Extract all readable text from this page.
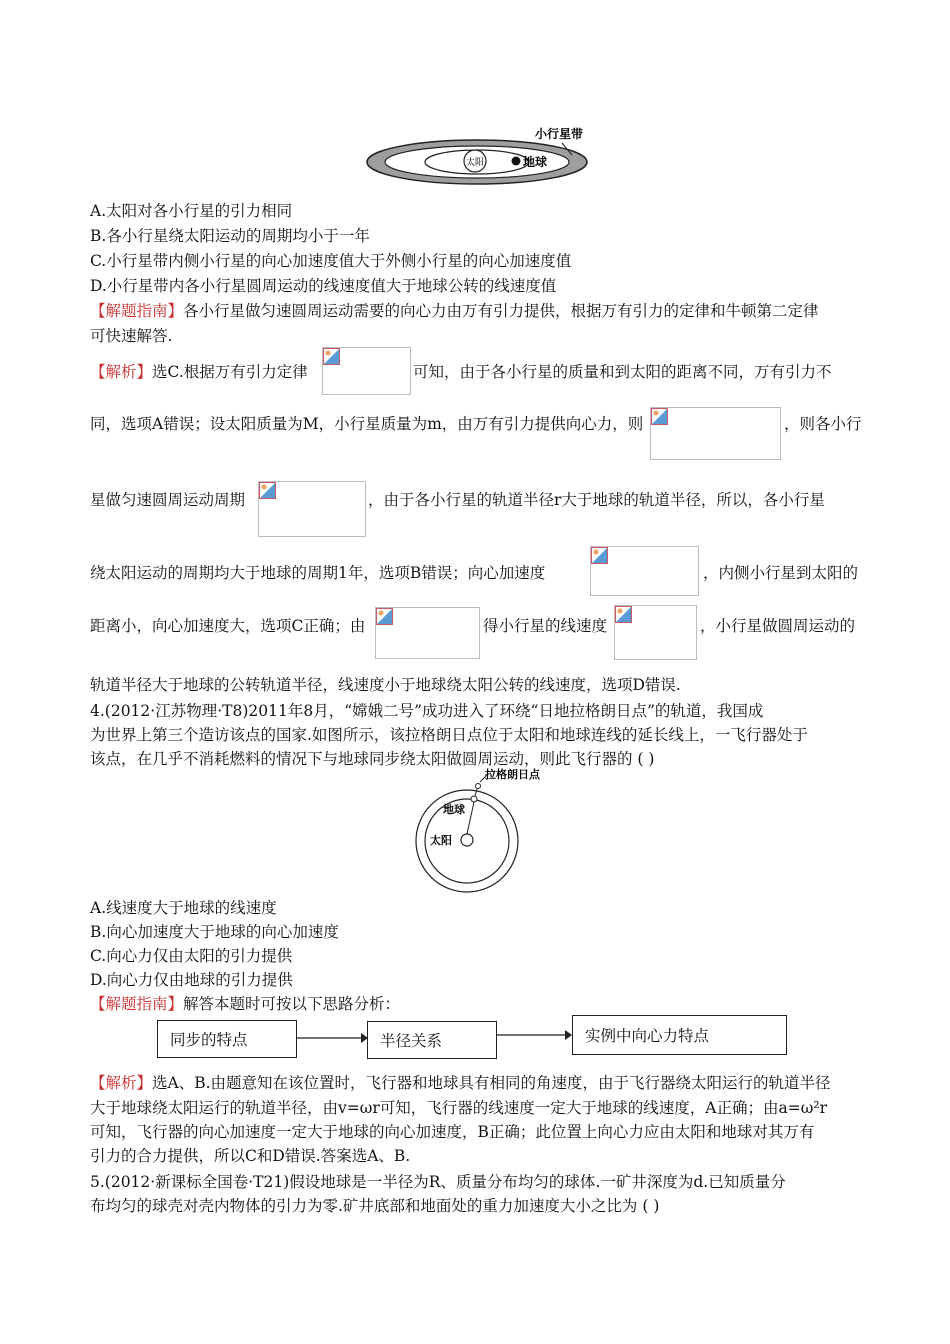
太阳	地球
小行星带
A.太阳对各小行星的引力相同
B.各小行星绕太阳运动的周期均小于一年
C.小行星带内侧小行星的向心加速度值大于外侧小行星的向心加速度值
D.小行星带内各小行星圆周运动的线速度值大于地球公转的线速度值
【解题指南】各小行星做匀速圆周运动需要的向心力由万有引力提供，根据万有引力的定律和牛顿第二定律
可快速解答.
【解析】选C.根据万有引力定律	可知，由于各小行星的质量和到太阳的距离不同，万有引力不
同，选项A错误；设太阳质量为M，小行星质量为m，由万有引力提供向心力，则	，则各小行
星做匀速圆周运动周期	，由于各小行星的轨道半径r大于地球的轨道半径，所以，各小行星
绕太阳运动的周期均大于地球的周期1年，选项B错误；向心加速度	，内侧小行星到太阳的
距离小，向心加速度大，选项C正确；由	得小行星的线速度	，小行星做圆周运动的
轨道半径大于地球的公转轨道半径，线速度小于地球绕太阳公转的线速度，选项D错误.
4.(2012·江苏物理·T8)2011年8月，“嫦娥二号”成功进入了环绕“日地拉格朗日点”的轨道，我国成
为世界上第三个造访该点的国家.如图所示，该拉格朗日点位于太阳和地球连线的延长线上，一飞行器处于
该点，在几乎不消耗燃料的情况下与地球同步绕太阳做圆周运动，则此飞行器的 ( )
太阳
地球
拉格朗日点
A.线速度大于地球的线速度
B.向心加速度大于地球的向心加速度
C.向心力仅由太阳的引力提供
D.向心力仅由地球的引力提供
【解题指南】解答本题时可按以下思路分析：
同步的特点	半径关系	实例中向心力特点
【解析】选A、B.由题意知在该位置时，飞行器和地球具有相同的角速度，由于飞行器绕太阳运行的轨道半径
大于地球绕太阳运行的轨道半径，由v=ωr可知，飞行器的线速度一定大于地球的线速度，A正确；由a=ω²r
可知，飞行器的向心加速度一定大于地球的向心加速度，B正确；此位置上向心力应由太阳和地球对其万有
引力的合力提供，所以C和D错误.答案选A、B.
5.(2012·新课标全国卷·T21)假设地球是一半径为R、质量分布均匀的球体.一矿井深度为d.已知质量分
布均匀的球壳对壳内物体的引力为零.矿井底部和地面处的重力加速度大小之比为 ( )
